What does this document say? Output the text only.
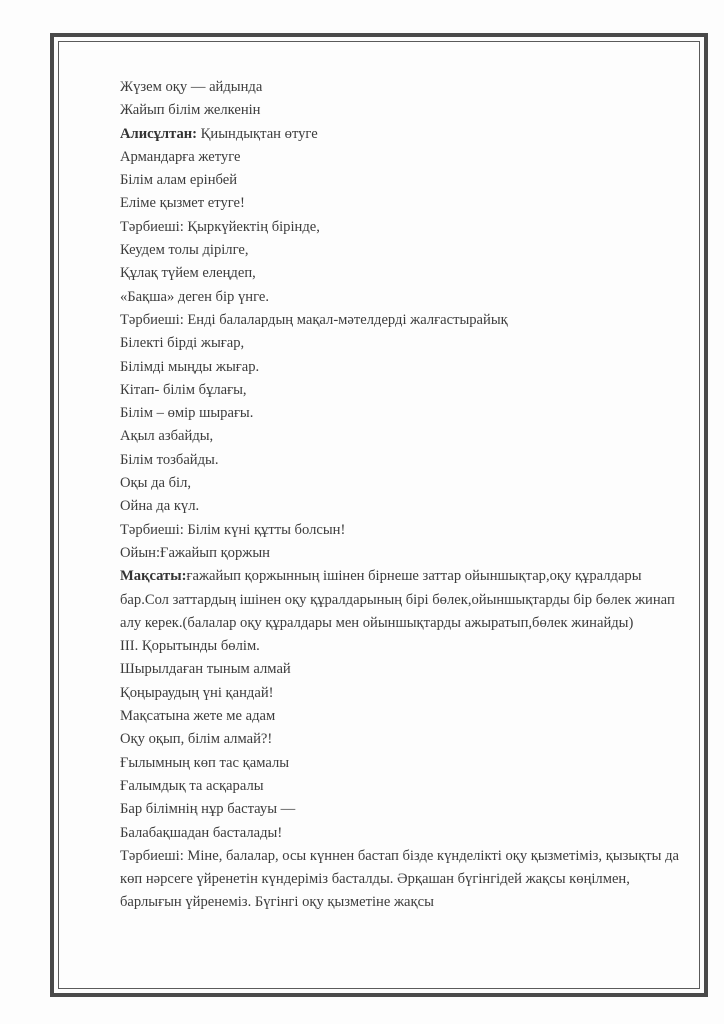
Жүзем оқу — айдында
Жайып білім желкенін
Алисұлтан: Қиындықтан өтуге
Армандарға жетуге
Білім алам ерінбей
Еліме қызмет етуге!
Тәрбиеші: Қыркүйектің бірінде,
Кеудем толы дірілге,
Құлақ түйем елеңдеп,
«Бақша» деген бір үнге.
Тәрбиеші: Енді балалардың мақал-мәтелдерді жалғастырайық
Білекті бірді жығар,
Білімді мыңды жығар.
Кітап- білім бұлағы,
Білім – өмір шырағы.
Ақыл азбайды,
Білім тозбайды.
Оқы да біл,
Ойна да күл.
Тәрбиеші: Білім күні құтты болсын!
Ойын:Ғажайып қоржын
Мақсаты:ғажайып қоржынның ішінен бірнеше заттар ойыншықтар,оқу құралдары бар.Сол заттардың ішінен оқу құралдарының бірі бөлек,ойыншықтарды бір бөлек жинап алу керек.(балалар оқу құралдары мен ойыншықтарды ажыратып,бөлек жинайды)
ІІІ. Қорытынды бөлім.
Шырылдаған тыным алмай
Қоңыраудың үні қандай!
Мақсатына жете ме адам
Оқу оқып, білім алмай?!
Ғылымның көп тас қамалы
Ғалымдық та асқаралы
Бар білімнің нұр бастауы —
Балабақшадан басталады!
Тәрбиеші: Міне, балалар, осы күннен бастап бізде күнделікті оқу қызметіміз, қызықты да көп нәрсеге үйренетін күндеріміз басталды. Әрқашан бүгінгідей жақсы көңілмен, барлығын үйренеміз. Бүгінгі оқу қызметіне жақсы
